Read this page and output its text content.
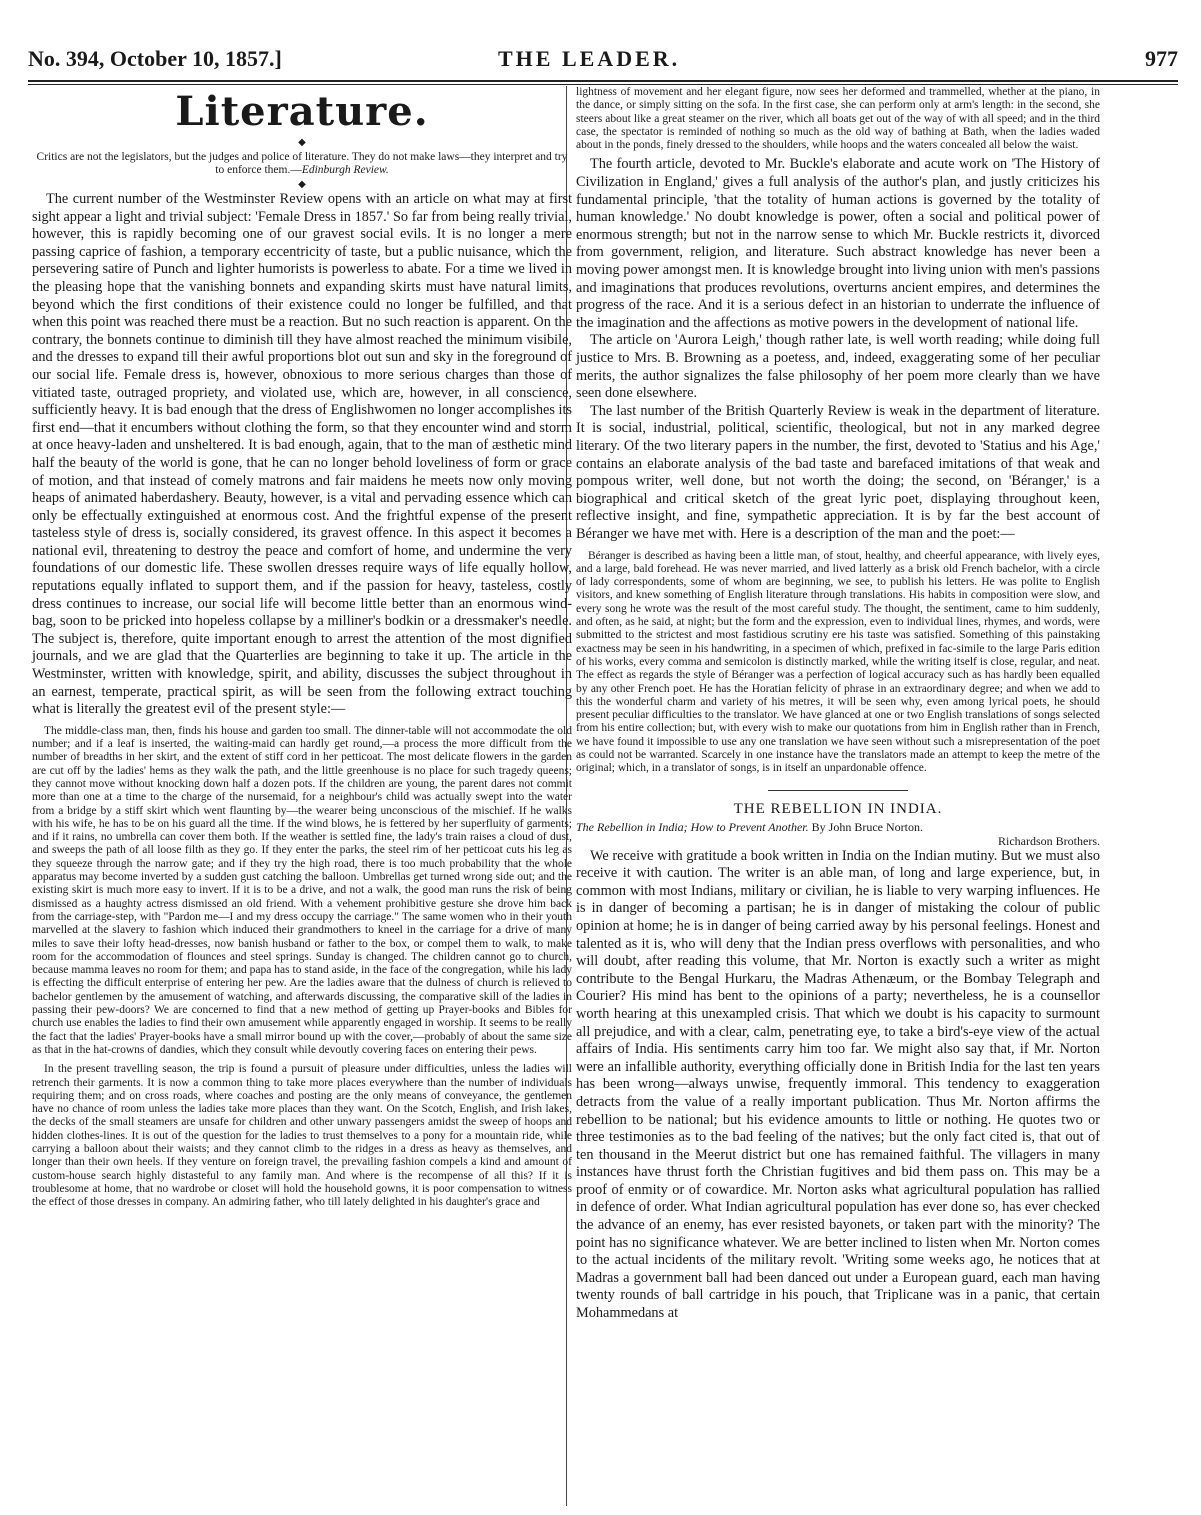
No. 394, October 10, 1857.]	THE LEADER.	977
Literature.
◆
Critics are not the legislators, but the judges and police of literature. They do not make laws—they interpret and try to enforce them.—Edinburgh Review.
◆

The current number of the Westminster Review opens with an article on what may at first sight appear a light and trivial subject: 'Female Dress in 1857.' So far from being really trivial, however, this is rapidly becoming one of our gravest social evils. It is no longer a mere passing caprice of fashion, a temporary eccentricity of taste, but a public nuisance, which the persevering satire of Punch and lighter humorists is powerless to abate. For a time we lived in the pleasing hope that the vanishing bonnets and expanding skirts must have natural limits, beyond which the first conditions of their existence could no longer be fulfilled, and that when this point was reached there must be a reaction. But no such reaction is apparent. On the contrary, the bonnets continue to diminish till they have almost reached the minimum visibile, and the dresses to expand till their awful proportions blot out sun and sky in the foreground of our social life. Female dress is, however, obnoxious to more serious charges than those of vitiated taste, outraged propriety, and violated use, which are, however, in all conscience, sufficiently heavy. It is bad enough that the dress of Englishwomen no longer accomplishes its first end—that it encumbers without clothing the form, so that they encounter wind and storm at once heavy-laden and unsheltered. It is bad enough, again, that to the man of æsthetic mind half the beauty of the world is gone, that he can no longer behold loveliness of form or grace of motion, and that instead of comely matrons and fair maidens he meets now only moving heaps of animated haberdashery. Beauty, however, is a vital and pervading essence which can only be effectually extinguished at enormous cost. And the frightful expense of the present tasteless style of dress is, socially considered, its gravest offence. In this aspect it becomes a national evil, threatening to destroy the peace and comfort of home, and undermine the very foundations of our domestic life. These swollen dresses require ways of life equally hollow, reputations equally inflated to support them, and if the passion for heavy, tasteless, costly dress continues to increase, our social life will become little better than an enormous wind-bag, soon to be pricked into hopeless collapse by a milliner's bodkin or a dressmaker's needle. The subject is, therefore, quite important enough to arrest the attention of the most dignified journals, and we are glad that the Quarterlies are beginning to take it up. The article in the Westminster, written with knowledge, spirit, and ability, discusses the subject throughout in an earnest, temperate, practical spirit, as will be seen from the following extract touching what is literally the greatest evil of the present style:—

The middle-class man, then, finds his house and garden too small. The dinner-table will not accommodate the old number; and if a leaf is inserted, the waiting-maid can hardly get round,—a process the more difficult from the number of breadths in her skirt, and the extent of stiff cord in her petticoat. The most delicate flowers in the garden are cut off by the ladies' hems as they walk the path, and the little greenhouse is no place for such tragedy queens; they cannot move without knocking down half a dozen pots. If the children are young, the parent dares not commit more than one at a time to the charge of the nursemaid, for a neighbour's child was actually swept into the water from a bridge by a stiff skirt which went flaunting by—the wearer being unconscious of the mischief. If he walks with his wife, he has to be on his guard all the time. If the wind blows, he is fettered by her superfluity of garments; and if it rains, no umbrella can cover them both. If the weather is settled fine, the lady's train raises a cloud of dust, and sweeps the path of all loose filth as they go. If they enter the parks, the steel rim of her petticoat cuts his leg as they squeeze through the narrow gate; and if they try the high road, there is too much probability that the whole apparatus may become inverted by a sudden gust catching the balloon. Umbrellas get turned wrong side out; and the existing skirt is much more easy to invert. If it is to be a drive, and not a walk, the good man runs the risk of being dismissed as a haughty actress dismissed an old friend. With a vehement prohibitive gesture she drove him back from the carriage-step, with "Pardon me—I and my dress occupy the carriage." The same women who in their youth marvelled at the slavery to fashion which induced their grandmothers to kneel in the carriage for a drive of many miles to save their lofty head-dresses, now banish husband or father to the box, or compel them to walk, to make room for the accommodation of flounces and steel springs. Sunday is changed. The children cannot go to church, because mamma leaves no room for them; and papa has to stand aside, in the face of the congregation, while his lady is effecting the difficult enterprise of entering her pew. Are the ladies aware that the dulness of church is relieved to bachelor gentlemen by the amusement of watching, and afterwards discussing, the comparative skill of the ladies in passing their pew-doors? We are concerned to find that a new method of getting up Prayer-books and Bibles for church use enables the ladies to find their own amusement while apparently engaged in worship. It seems to be really the fact that the ladies' Prayer-books have a small mirror bound up with the cover,—probably of about the same size as that in the hat-crowns of dandies, which they consult while devoutly covering faces on entering their pews.

In the present travelling season, the trip is found a pursuit of pleasure under difficulties, unless the ladies will retrench their garments. It is now a common thing to take more places everywhere than the number of individuals requiring them; and on cross roads, where coaches and posting are the only means of conveyance, the gentlemen have no chance of room unless the ladies take more places than they want. On the Scotch, English, and Irish lakes, the decks of the small steamers are unsafe for children and other unwary passengers amidst the sweep of hoops and hidden clothes-lines. It is out of the question for the ladies to trust themselves to a pony for a mountain ride, while carrying a balloon about their waists; and they cannot climb to the ridges in a dress as heavy as themselves, and longer than their own heels. If they venture on foreign travel, the prevailing fashion compels a kind and amount of custom-house search highly distasteful to any family man. And where is the recompense of all this? If it is troublesome at home, that no wardrobe or closet will hold the household gowns, it is poor compensation to witness the effect of those dresses in company. An admiring father, who till lately delighted in his daughter's grace and

lightness of movement and her elegant figure, now sees her deformed and trammelled, whether at the piano, in the dance, or simply sitting on the sofa. In the first case, she can perform only at arm's length: in the second, she steers about like a great steamer on the river, which all boats get out of the way of with all speed; and in the third case, the spectator is reminded of nothing so much as the old way of bathing at Bath, when the ladies waded about in the ponds, finely dressed to the shoulders, while hoops and the waters concealed all below the waist.

The fourth article, devoted to Mr. Buckle's elaborate and acute work on 'The History of Civilization in England,' gives a full analysis of the author's plan, and justly criticizes his fundamental principle, 'that the totality of human actions is governed by the totality of human knowledge.' No doubt knowledge is power, often a social and political power of enormous strength; but not in the narrow sense to which Mr. Buckle restricts it, divorced from government, religion, and literature. Such abstract knowledge has never been a moving power amongst men. It is knowledge brought into living union with men's passions and imaginations that produces revolutions, overturns ancient empires, and determines the progress of the race. And it is a serious defect in an historian to underrate the influence of the imagination and the affections as motive powers in the development of national life.

The article on 'Aurora Leigh,' though rather late, is well worth reading; while doing full justice to Mrs. B. Browning as a poetess, and, indeed, exaggerating some of her peculiar merits, the author signalizes the false philosophy of her poem more clearly than we have seen done elsewhere.

The last number of the British Quarterly Review is weak in the department of literature. It is social, industrial, political, scientific, theological, but not in any marked degree literary. Of the two literary papers in the number, the first, devoted to 'Statius and his Age,' contains an elaborate analysis of the bad taste and barefaced imitations of that weak and pompous writer, well done, but not worth the doing; the second, on 'Béranger,' is a biographical and critical sketch of the great lyric poet, displaying throughout keen, reflective insight, and fine, sympathetic appreciation. It is by far the best account of Béranger we have met with. Here is a description of the man and the poet:—

Béranger is described as having been a little man, of stout, healthy, and cheerful appearance, with lively eyes, and a large, bald forehead. He was never married, and lived latterly as a brisk old French bachelor, with a circle of lady correspondents, some of whom are beginning, we see, to publish his letters. He was polite to English visitors, and knew something of English literature through translations. His habits in composition were slow, and every song he wrote was the result of the most careful study. The thought, the sentiment, came to him suddenly, and often, as he said, at night; but the form and the expression, even to individual lines, rhymes, and words, were submitted to the strictest and most fastidious scrutiny ere his taste was satisfied. Something of this painstaking exactness may be seen in his handwriting, in a specimen of which, prefixed in fac-simile to the large Paris edition of his works, every comma and semicolon is distinctly marked, while the writing itself is close, regular, and neat. The effect as regards the style of Béranger was a perfection of logical accuracy such as has hardly been equalled by any other French poet. He has the Horatian felicity of phrase in an extraordinary degree; and when we add to this the wonderful charm and variety of his metres, it will be seen why, even among lyrical poets, he should present peculiar difficulties to the translator. We have glanced at one or two English translations of songs selected from his entire collection; but, with every wish to make our quotations from him in English rather than in French, we have found it impossible to use any one translation we have seen without such a misrepresentation of the poet as could not be warranted. Scarcely in one instance have the translators made an attempt to keep the metre of the original; which, in a translator of songs, is in itself an unpardonable offence.

THE REBELLION IN INDIA.

The Rebellion in India; How to Prevent Another. By John Bruce Norton.

Richardson Brothers.

We receive with gratitude a book written in India on the Indian mutiny. But we must also receive it with caution. The writer is an able man, of long and large experience, but, in common with most Indians, military or civilian, he is liable to very warping influences. He is in danger of becoming a partisan; he is in danger of mistaking the colour of public opinion at home; he is in danger of being carried away by his personal feelings. Honest and talented as it is, who will deny that the Indian press overflows with personalities, and who will doubt, after reading this volume, that Mr. Norton is exactly such a writer as might contribute to the Bengal Hurkaru, the Madras Athenæum, or the Bombay Telegraph and Courier? His mind has bent to the opinions of a party; nevertheless, he is a counsellor worth hearing at this unexampled crisis. That which we doubt is his capacity to surmount all prejudice, and with a clear, calm, penetrating eye, to take a bird's-eye view of the actual affairs of India. His sentiments carry him too far. We might also say that, if Mr. Norton were an infallible authority, everything officially done in British India for the last ten years has been wrong—always unwise, frequently immoral. This tendency to exaggeration detracts from the value of a really important publication. Thus Mr. Norton affirms the rebellion to be national; but his evidence amounts to little or nothing. He quotes two or three testimonies as to the bad feeling of the natives; but the only fact cited is, that out of ten thousand in the Meerut district but one has remained faithful. The villagers in many instances have thrust forth the Christian fugitives and bid them pass on. This may be a proof of enmity or of cowardice. Mr. Norton asks what agricultural population has rallied in defence of order. What Indian agricultural population has ever done so, has ever checked the advance of an enemy, has ever resisted bayonets, or taken part with the minority? The point has no significance whatever. We are better inclined to listen when Mr. Norton comes to the actual incidents of the military revolt. 'Writing some weeks ago, he notices that at Madras a government ball had been danced out under a European guard, each man having twenty rounds of ball cartridge in his pouch, that Triplicane was in a panic, that certain Mohammedans at
